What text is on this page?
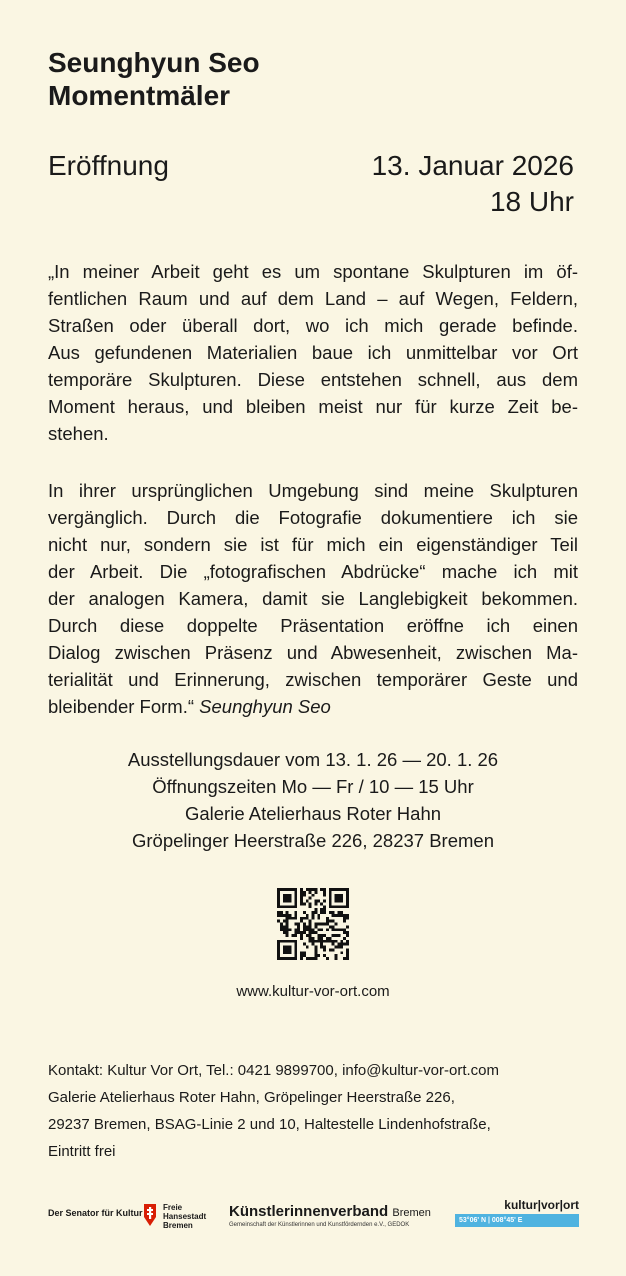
Seunghyun Seo
Momentmäler
Eröffnung	13. Januar 2026
18 Uhr
„In meiner Arbeit geht es um spontane Skulpturen im öf-
fentlichen Raum und auf dem Land – auf Wegen, Feldern,
Straßen oder überall dort, wo ich mich gerade befinde.
Aus gefundenen Materialien baue ich unmittelbar vor Ort
temporäre Skulpturen. Diese entstehen schnell, aus dem
Moment heraus, und bleiben meist nur für kurze Zeit be-
stehen.
In ihrer ursprünglichen Umgebung sind meine Skulpturen
vergänglich. Durch die Fotografie dokumentiere ich sie
nicht nur, sondern sie ist für mich ein eigenständiger Teil
der Arbeit. Die „fotografischen Abdrücke“ mache ich mit
der analogen Kamera, damit sie Langlebigkeit bekommen.
Durch diese doppelte Präsentation eröffne ich einen
Dialog zwischen Präsenz und Abwesenheit, zwischen Ma-
terialität und Erinnerung, zwischen temporärer Geste und
bleibender Form.“ Seunghyun Seo
Ausstellungsdauer vom 13. 1. 26 — 20. 1. 26
Öffnungszeiten Mo — Fr / 10 — 15 Uhr
Galerie Atelierhaus Roter Hahn
Gröpelinger Heerstraße 226, 28237 Bremen
www.kultur-vor-ort.com
Kontakt: Kultur Vor Ort, Tel.: 0421 9899700, info@kultur-vor-ort.com
Galerie Atelierhaus Roter Hahn, Gröpelinger Heerstraße 226,
29237 Bremen, BSAG-Linie 2 und 10, Haltestelle Lindenhofstraße,
Eintritt frei
Der Senator für Kultur
Freie
Hansestadt
Bremen
Künstlerinnenverband Bremen
Gemeinschaft der Künstlerinnen und Kunstfördernden e.V., GEDOK
kultur|vor|ort
53°06' N | 008°45' E
